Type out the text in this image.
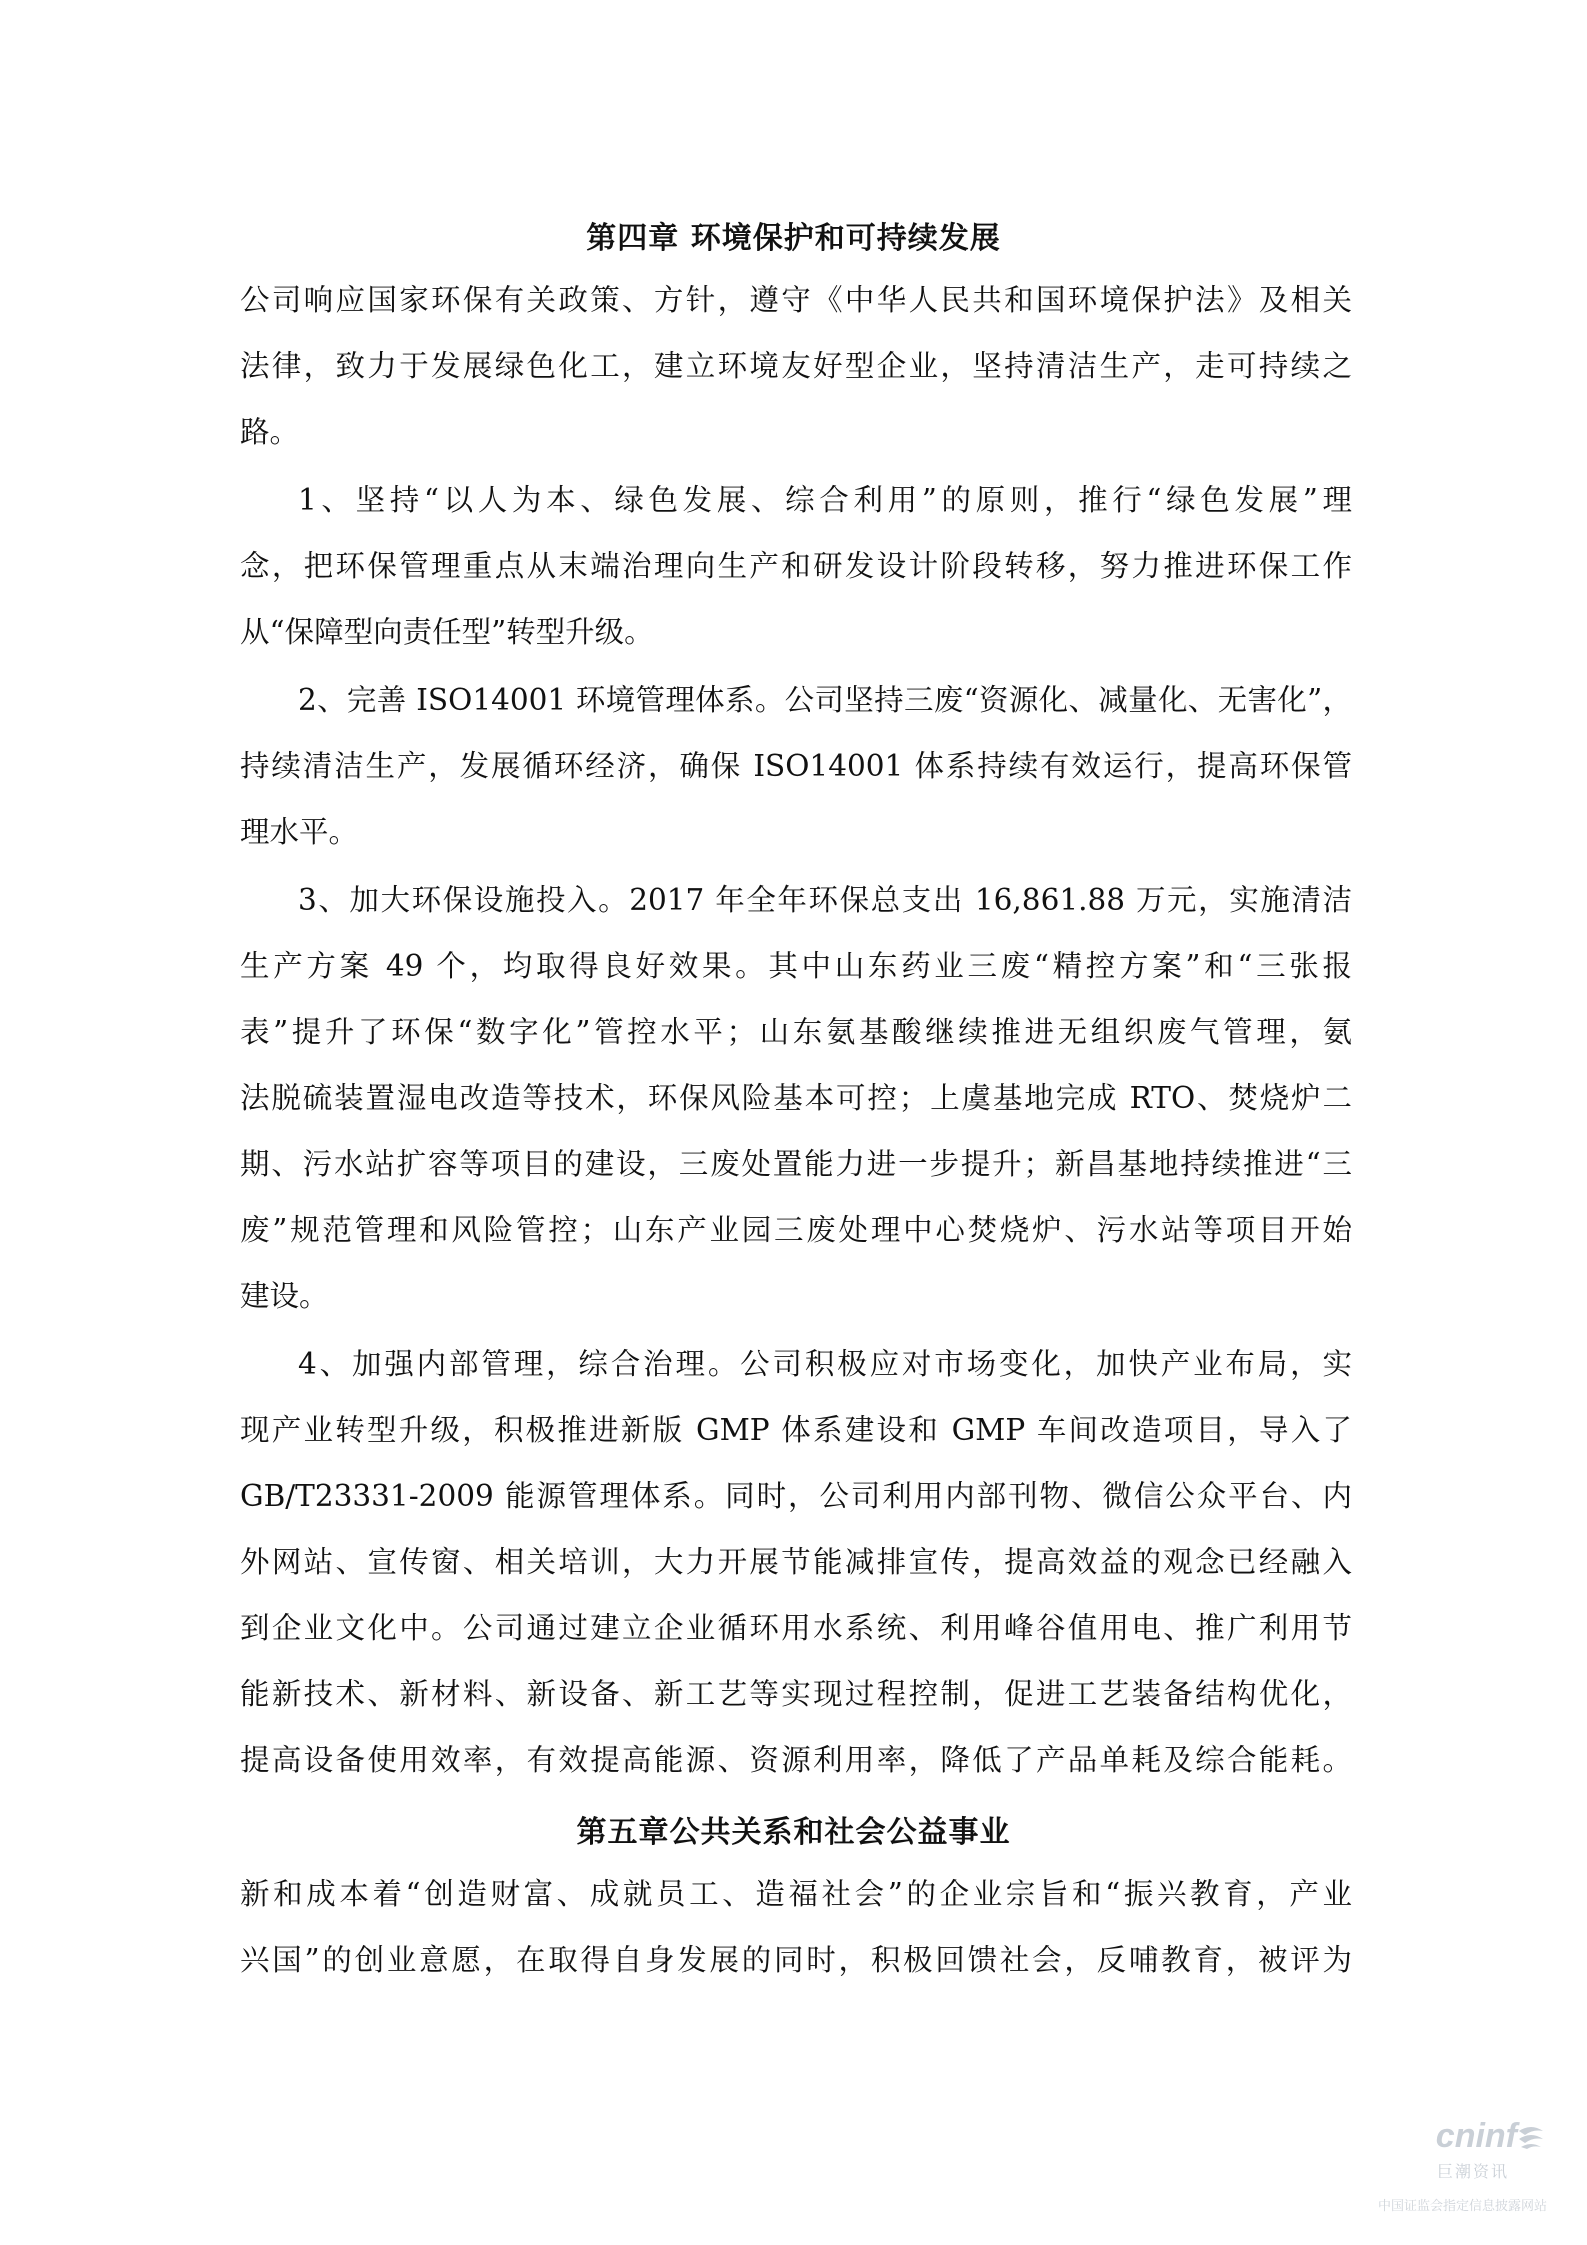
第四章 环境保护和可持续发展

公司响应国家环保有关政策、方针，遵守《中华人民共和国环境保护法》及相关

法律，致力于发展绿色化工，建立环境友好型企业，坚持清洁生产，走可持续之

路。

1、坚持“以人为本、绿色发展、综合利用”的原则，推行“绿色发展”理

念，把环保管理重点从末端治理向生产和研发设计阶段转移，努力推进环保工作

从“保障型向责任型”转型升级。

2、完善 ISO14001 环境管理体系。公司坚持三废“资源化、减量化、无害化”，

持续清洁生产，发展循环经济，确保 ISO14001 体系持续有效运行，提高环保管

理水平。

3、加大环保设施投入。2017 年全年环保总支出 16,861.88 万元，实施清洁

生产方案 49 个，均取得良好效果。其中山东药业三废“精控方案”和“三张报

表”提升了环保“数字化”管控水平；山东氨基酸继续推进无组织废气管理，氨

法脱硫装置湿电改造等技术，环保风险基本可控；上虞基地完成 RTO、焚烧炉二

期、污水站扩容等项目的建设，三废处置能力进一步提升；新昌基地持续推进“三

废”规范管理和风险管控；山东产业园三废处理中心焚烧炉、污水站等项目开始

建设。

4、加强内部管理，综合治理。公司积极应对市场变化，加快产业布局，实

现产业转型升级，积极推进新版 GMP 体系建设和 GMP 车间改造项目，导入了

GB/T23331-2009 能源管理体系。同时，公司利用内部刊物、微信公众平台、内

外网站、宣传窗、相关培训，大力开展节能减排宣传，提高效益的观念已经融入

到企业文化中。公司通过建立企业循环用水系统、利用峰谷值用电、推广利用节

能新技术、新材料、新设备、新工艺等实现过程控制，促进工艺装备结构优化，

提高设备使用效率，有效提高能源、资源利用率，降低了产品单耗及综合能耗。

第五章公共关系和社会公益事业

新和成本着“创造财富、成就员工、造福社会”的企业宗旨和“振兴教育，产业

兴国”的创业意愿，在取得自身发展的同时，积极回馈社会，反哺教育，被评为

cninf
巨潮资讯
中国证监会指定信息披露网站
